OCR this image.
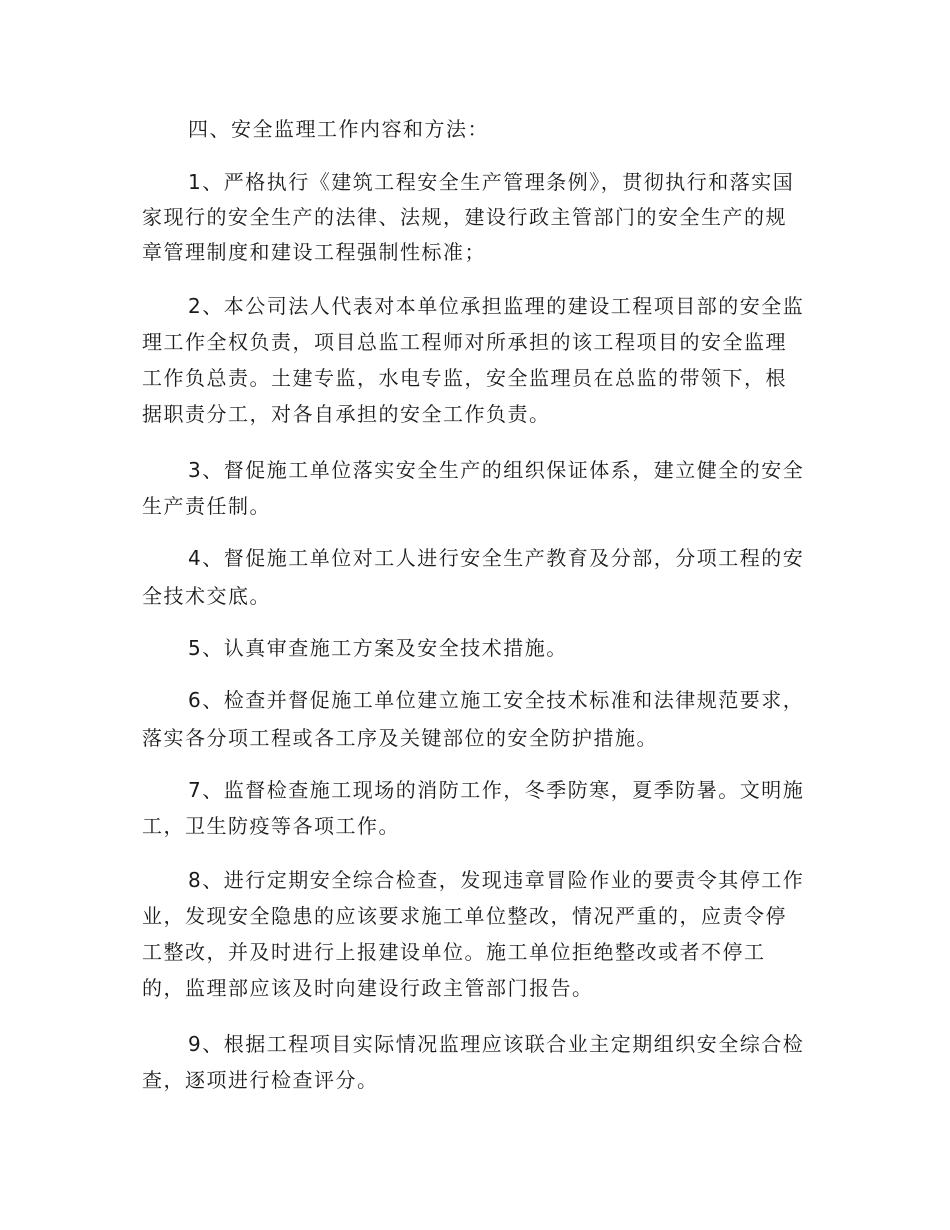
四、安全监理工作内容和方法：
1、严格执行《建筑工程安全生产管理条例》，贯彻执行和落实国
家现行的安全生产的法律、法规，建设行政主管部门的安全生产的规
章管理制度和建设工程强制性标准；
2、本公司法人代表对本单位承担监理的建设工程项目部的安全监
理工作全权负责，项目总监工程师对所承担的该工程项目的安全监理
工作负总责。土建专监，水电专监，安全监理员在总监的带领下，根
据职责分工，对各自承担的安全工作负责。
3、督促施工单位落实安全生产的组织保证体系，建立健全的安全
生产责任制。
4、督促施工单位对工人进行安全生产教育及分部，分项工程的安
全技术交底。
5、认真审查施工方案及安全技术措施。
6、检查并督促施工单位建立施工安全技术标准和法律规范要求，
落实各分项工程或各工序及关键部位的安全防护措施。
7、监督检查施工现场的消防工作，冬季防寒，夏季防暑。文明施
工，卫生防疫等各项工作。
8、进行定期安全综合检查，发现违章冒险作业的要责令其停工作
业，发现安全隐患的应该要求施工单位整改，情况严重的，应责令停
工整改，并及时进行上报建设单位。施工单位拒绝整改或者不停工
的，监理部应该及时向建设行政主管部门报告。
9、根据工程项目实际情况监理应该联合业主定期组织安全综合检
查，逐项进行检查评分。
